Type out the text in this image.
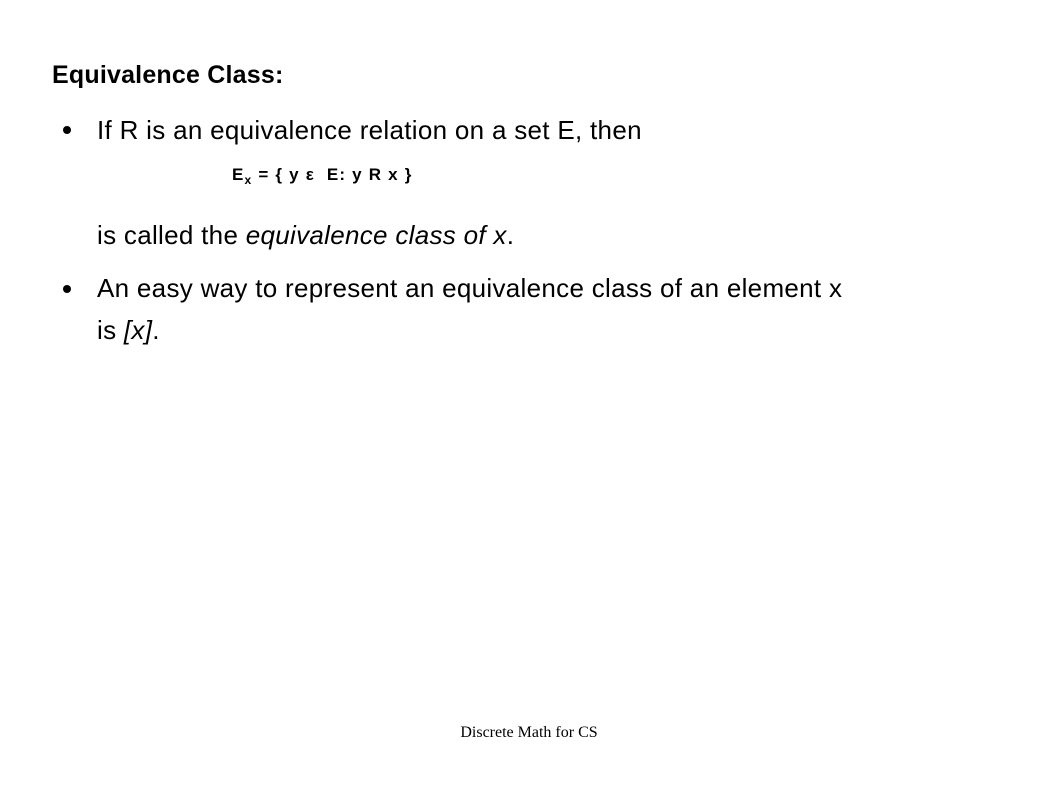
Equivalence Class:
If R is an equivalence relation on a set E, then
$E_x$ = { y ε  E: y R x }
is called the equivalence class of x.
An easy way to represent an equivalence class of an element x
is [x].
Discrete Math for CS
